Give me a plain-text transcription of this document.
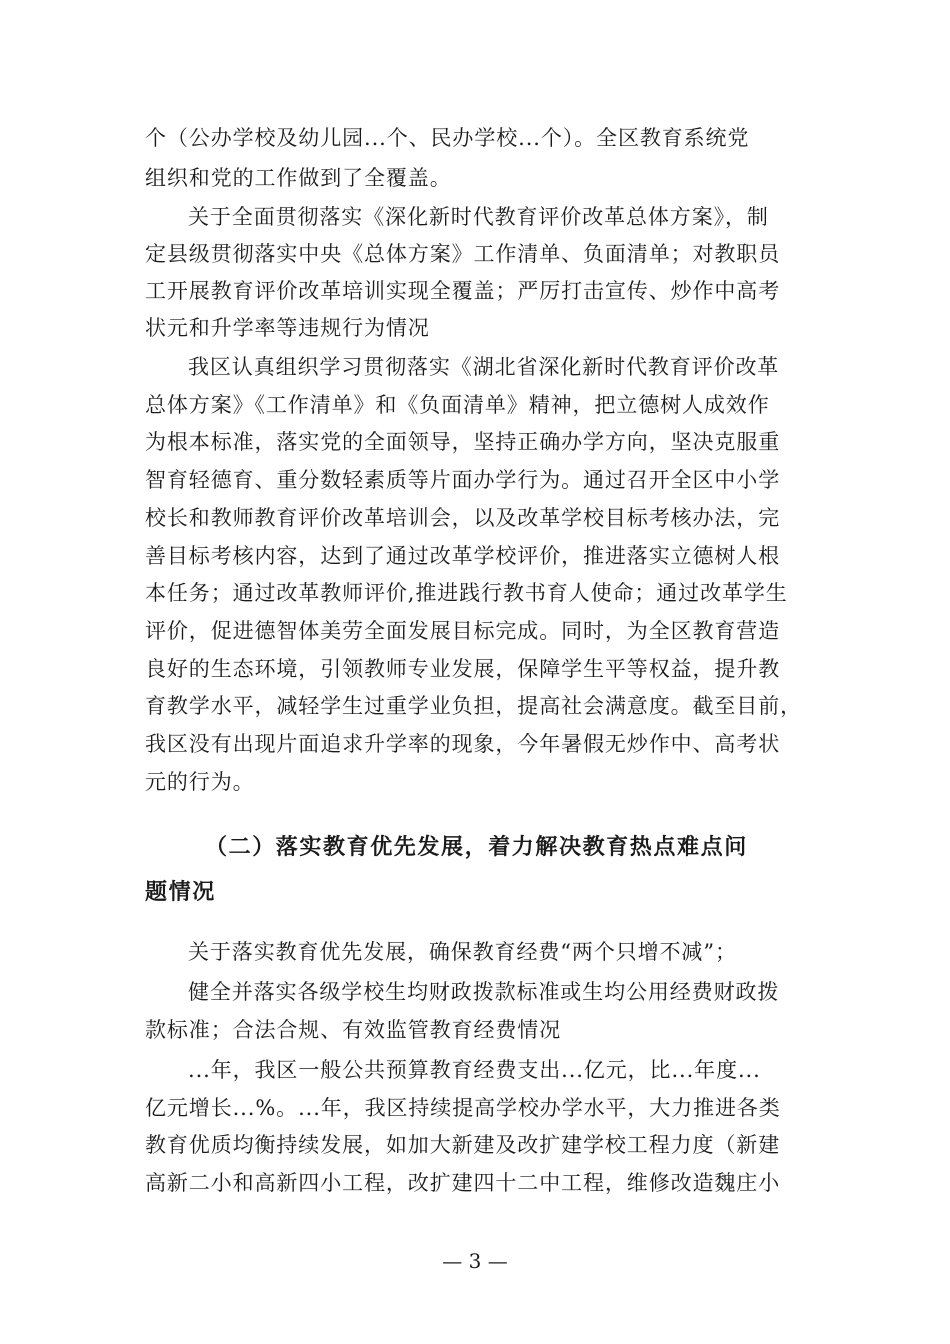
个（公办学校及幼儿园...个、民办学校...个）。全区教育系统党
组织和党的工作做到了全覆盖。
关于全面贯彻落实《深化新时代教育评价改革总体方案》，制
定县级贯彻落实中央《总体方案》工作清单、负面清单；对教职员
工开展教育评价改革培训实现全覆盖；严厉打击宣传、炒作中高考
状元和升学率等违规行为情况
我区认真组织学习贯彻落实《湖北省深化新时代教育评价改革
总体方案》《工作清单》和《负面清单》精神，把立德树人成效作
为根本标准，落实党的全面领导，坚持正确办学方向，坚决克服重
智育轻德育、重分数轻素质等片面办学行为。通过召开全区中小学
校长和教师教育评价改革培训会，以及改革学校目标考核办法，完
善目标考核内容，达到了通过改革学校评价，推进落实立德树人根
本任务；通过改革教师评价,推进践行教书育人使命；通过改革学生
评价，促进德智体美劳全面发展目标完成。同时，为全区教育营造
良好的生态环境，引领教师专业发展，保障学生平等权益，提升教
育教学水平，减轻学生过重学业负担，提高社会满意度。截至目前，
我区没有出现片面追求升学率的现象，今年暑假无炒作中、高考状
元的行为。
（二）落实教育优先发展，着力解决教育热点难点问
题情况
关于落实教育优先发展，确保教育经费“两个只增不减”；
健全并落实各级学校生均财政拨款标准或生均公用经费财政拨
款标准；合法合规、有效监管教育经费情况
...年，我区一般公共预算教育经费支出...亿元，比...年度...
亿元增长...%。...年，我区持续提高学校办学水平，大力推进各类
教育优质均衡持续发展，如加大新建及改扩建学校工程力度（新建
高新二小和高新四小工程，改扩建四十二中工程，维修改造魏庄小
— 3 —
